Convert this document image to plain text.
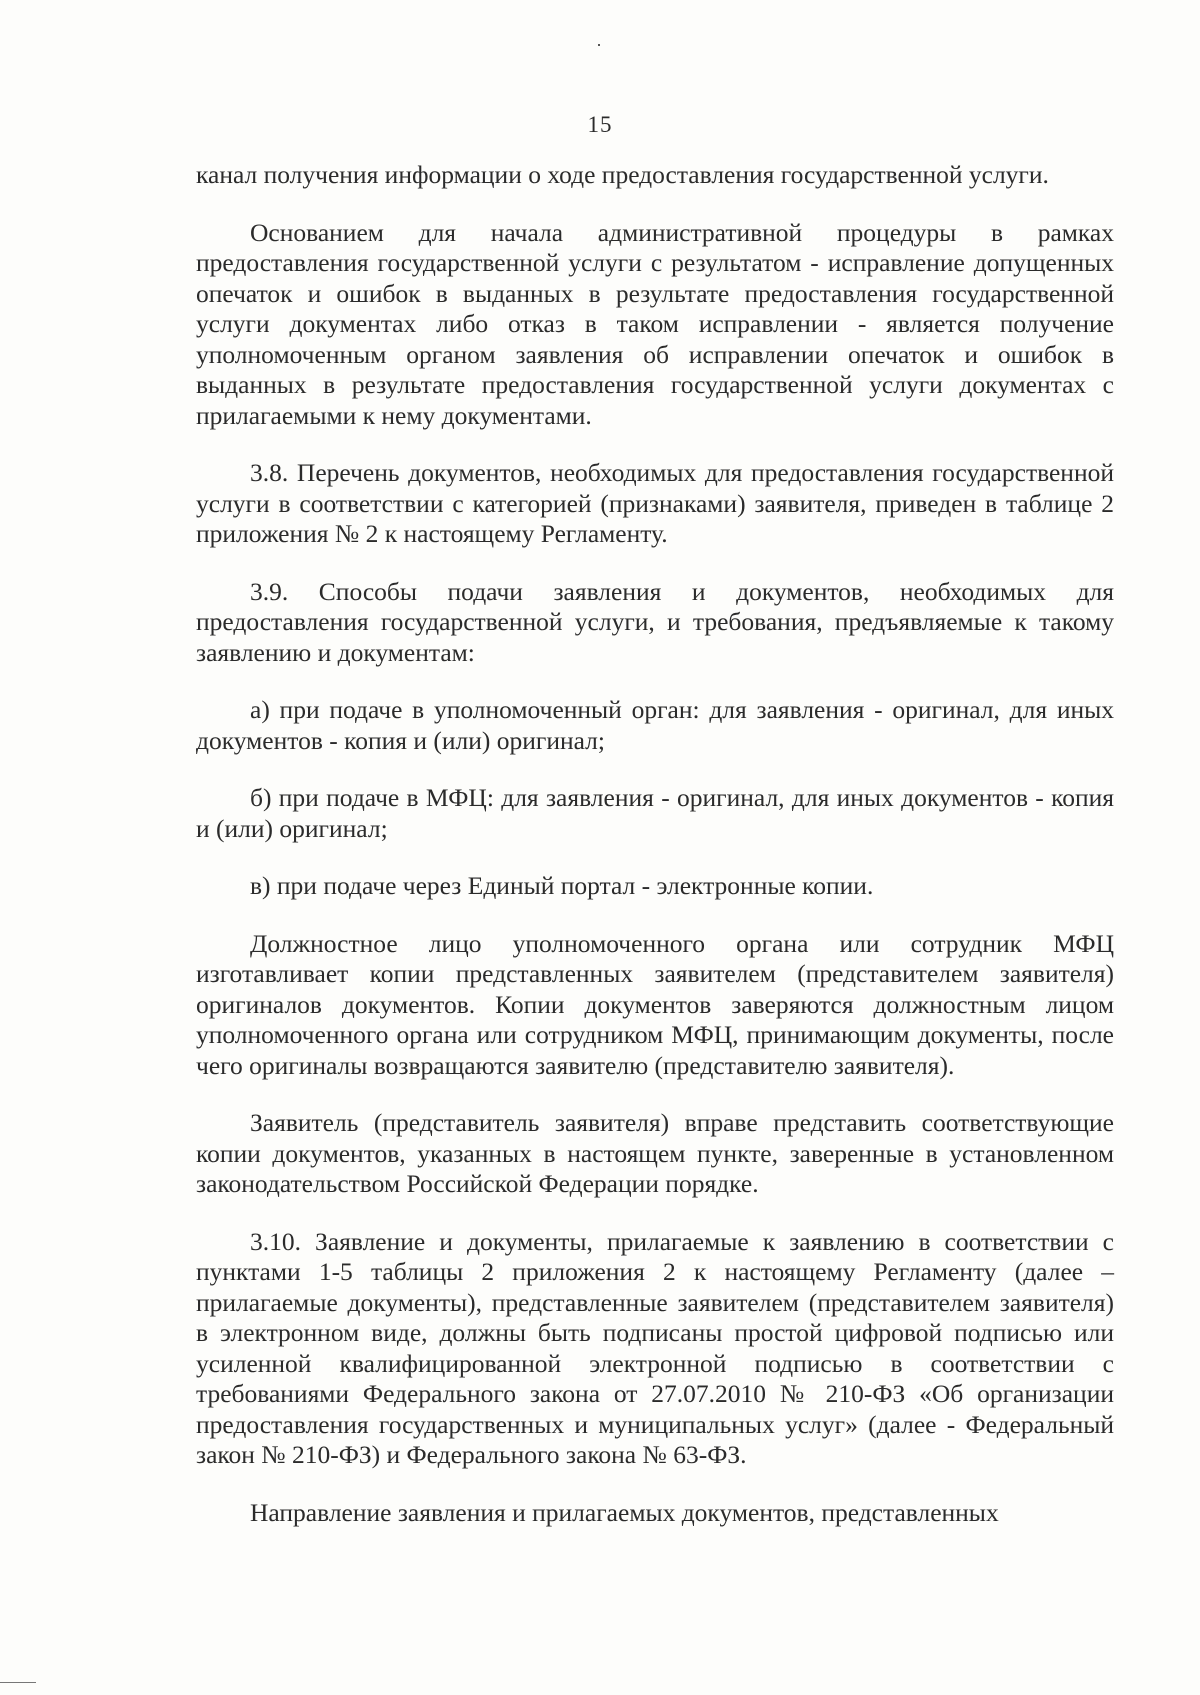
15

канал получения информации о ходе предоставления государственной услуги.

Основанием для начала административной процедуры в рамках предоставления государственной услуги с результатом - исправление допущенных опечаток и ошибок в выданных в результате предоставления государственной услуги документах либо отказ в таком исправлении - является получение уполномоченным органом заявления об исправлении опечаток и ошибок в выданных в результате предоставления государственной услуги документах с прилагаемыми к нему документами.

3.8. Перечень документов, необходимых для предоставления государственной услуги в соответствии с категорией (признаками) заявителя, приведен в таблице 2 приложения № 2 к настоящему Регламенту.

3.9. Способы подачи заявления и документов, необходимых для предоставления государственной услуги, и требования, предъявляемые к такому заявлению и документам:

а) при подаче в уполномоченный орган: для заявления - оригинал, для иных документов - копия и (или) оригинал;

б) при подаче в МФЦ: для заявления - оригинал, для иных документов - копия и (или) оригинал;

в) при подаче через Единый портал - электронные копии.

Должностное лицо уполномоченного органа или сотрудник МФЦ изготавливает копии представленных заявителем (представителем заявителя) оригиналов документов. Копии документов заверяются должностным лицом уполномоченного органа или сотрудником МФЦ, принимающим документы, после чего оригиналы возвращаются заявителю (представителю заявителя).

Заявитель (представитель заявителя) вправе представить соответствующие копии документов, указанных в настоящем пункте, заверенные в установленном законодательством Российской Федерации порядке.

3.10. Заявление и документы, прилагаемые к заявлению в соответствии с пунктами 1-5 таблицы 2 приложения 2 к настоящему Регламенту (далее – прилагаемые документы), представленные заявителем (представителем заявителя) в электронном виде, должны быть подписаны простой цифровой подписью или усиленной квалифицированной электронной подписью в соответствии с требованиями Федерального закона от 27.07.2010 № 210-ФЗ «Об организации предоставления государственных и муниципальных услуг» (далее - Федеральный закон № 210-ФЗ) и Федерального закона № 63-ФЗ.

Направление заявления и прилагаемых документов, представленных
